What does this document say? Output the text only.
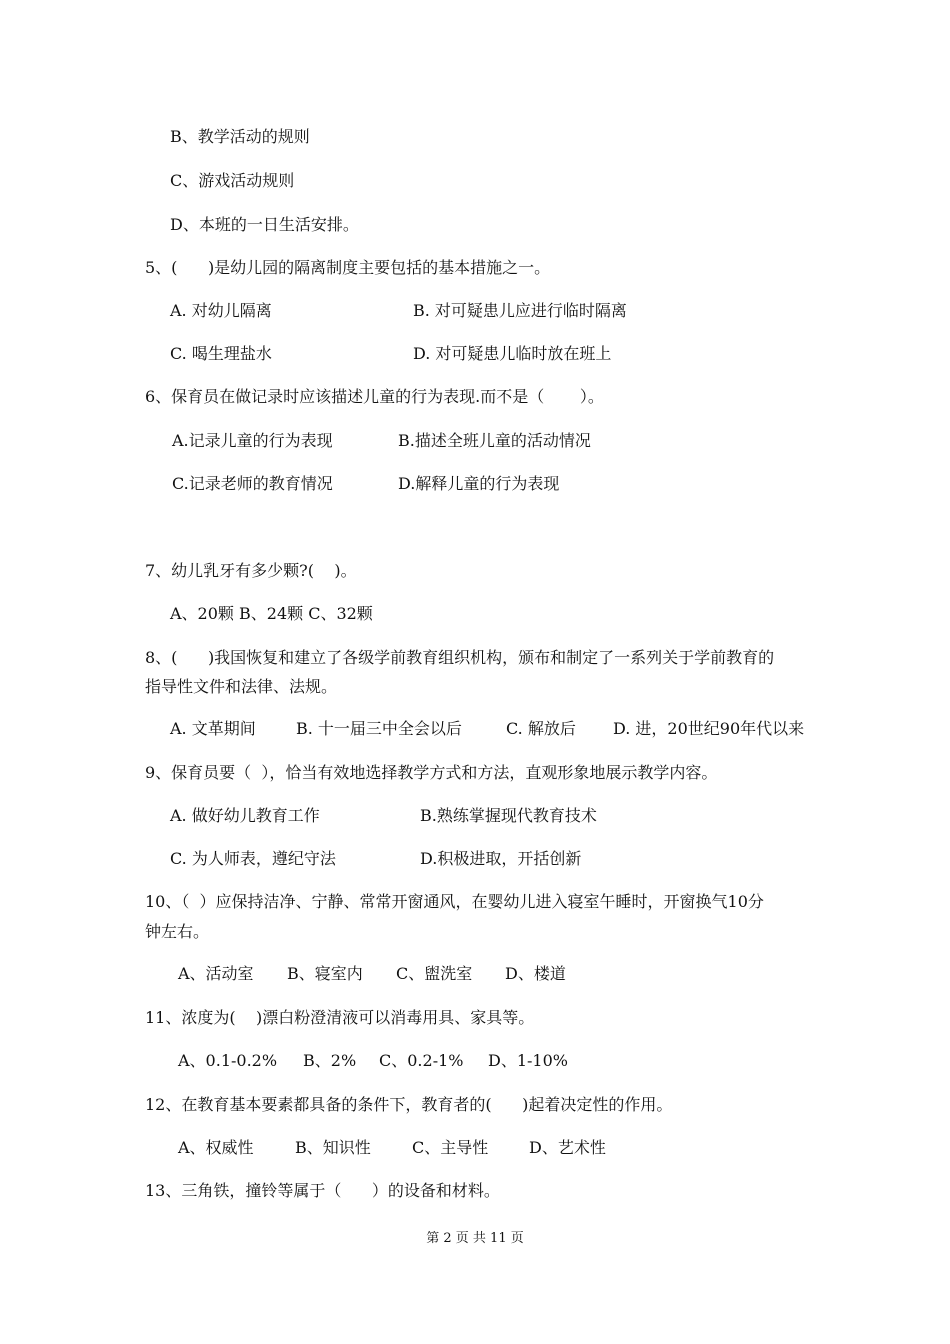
B、教学活动的规则
C、游戏活动规则
D、本班的一日生活安排。
5、(      )是幼儿园的隔离制度主要包括的基本措施之一。
A. 对幼儿隔离	B. 对可疑患儿应进行临时隔离
C. 喝生理盐水	D. 对可疑患儿临时放在班上
6、保育员在做记录时应该描述儿童的行为表现.而不是（       ）。
A.记录儿童的行为表现	B.描述全班儿童的活动情况
C.记录老师的教育情况	D.解释儿童的行为表现
7、幼儿乳牙有多少颗?(    )。
A、20颗 B、24颗 C、32颗
8、(      )我国恢复和建立了各级学前教育组织机构，颁布和制定了一系列关于学前教育的
指导性文件和法律、法规。
A. 文革期间	B. 十一届三中全会以后	C. 解放后 D. 进，20世纪90年代以来
9、保育员要（  ），恰当有效地选择教学方式和方法，直观形象地展示教学内容。
A. 做好幼儿教育工作	B.熟练掌握现代教育技术
C. 为人师表，遵纪守法	D.积极进取，开括创新
10、（  ）应保持洁净、宁静、常常开窗通风，在婴幼儿进入寝室午睡时，开窗换气10分
钟左右。
A、活动室 B、寝室内 C、盥洗室 D、楼道
11、浓度为(    )漂白粉澄清液可以消毒用具、家具等。
A、0.1-0.2% B、2% C、0.2-1% D、1-10%
12、在教育基本要素都具备的条件下，教育者的(      )起着决定性的作用。
A、权威性	B、知识性	C、主导性	D、艺术性
13、三角铁，撞铃等属于（      ）的设备和材料。
第 2 页 共 11 页
